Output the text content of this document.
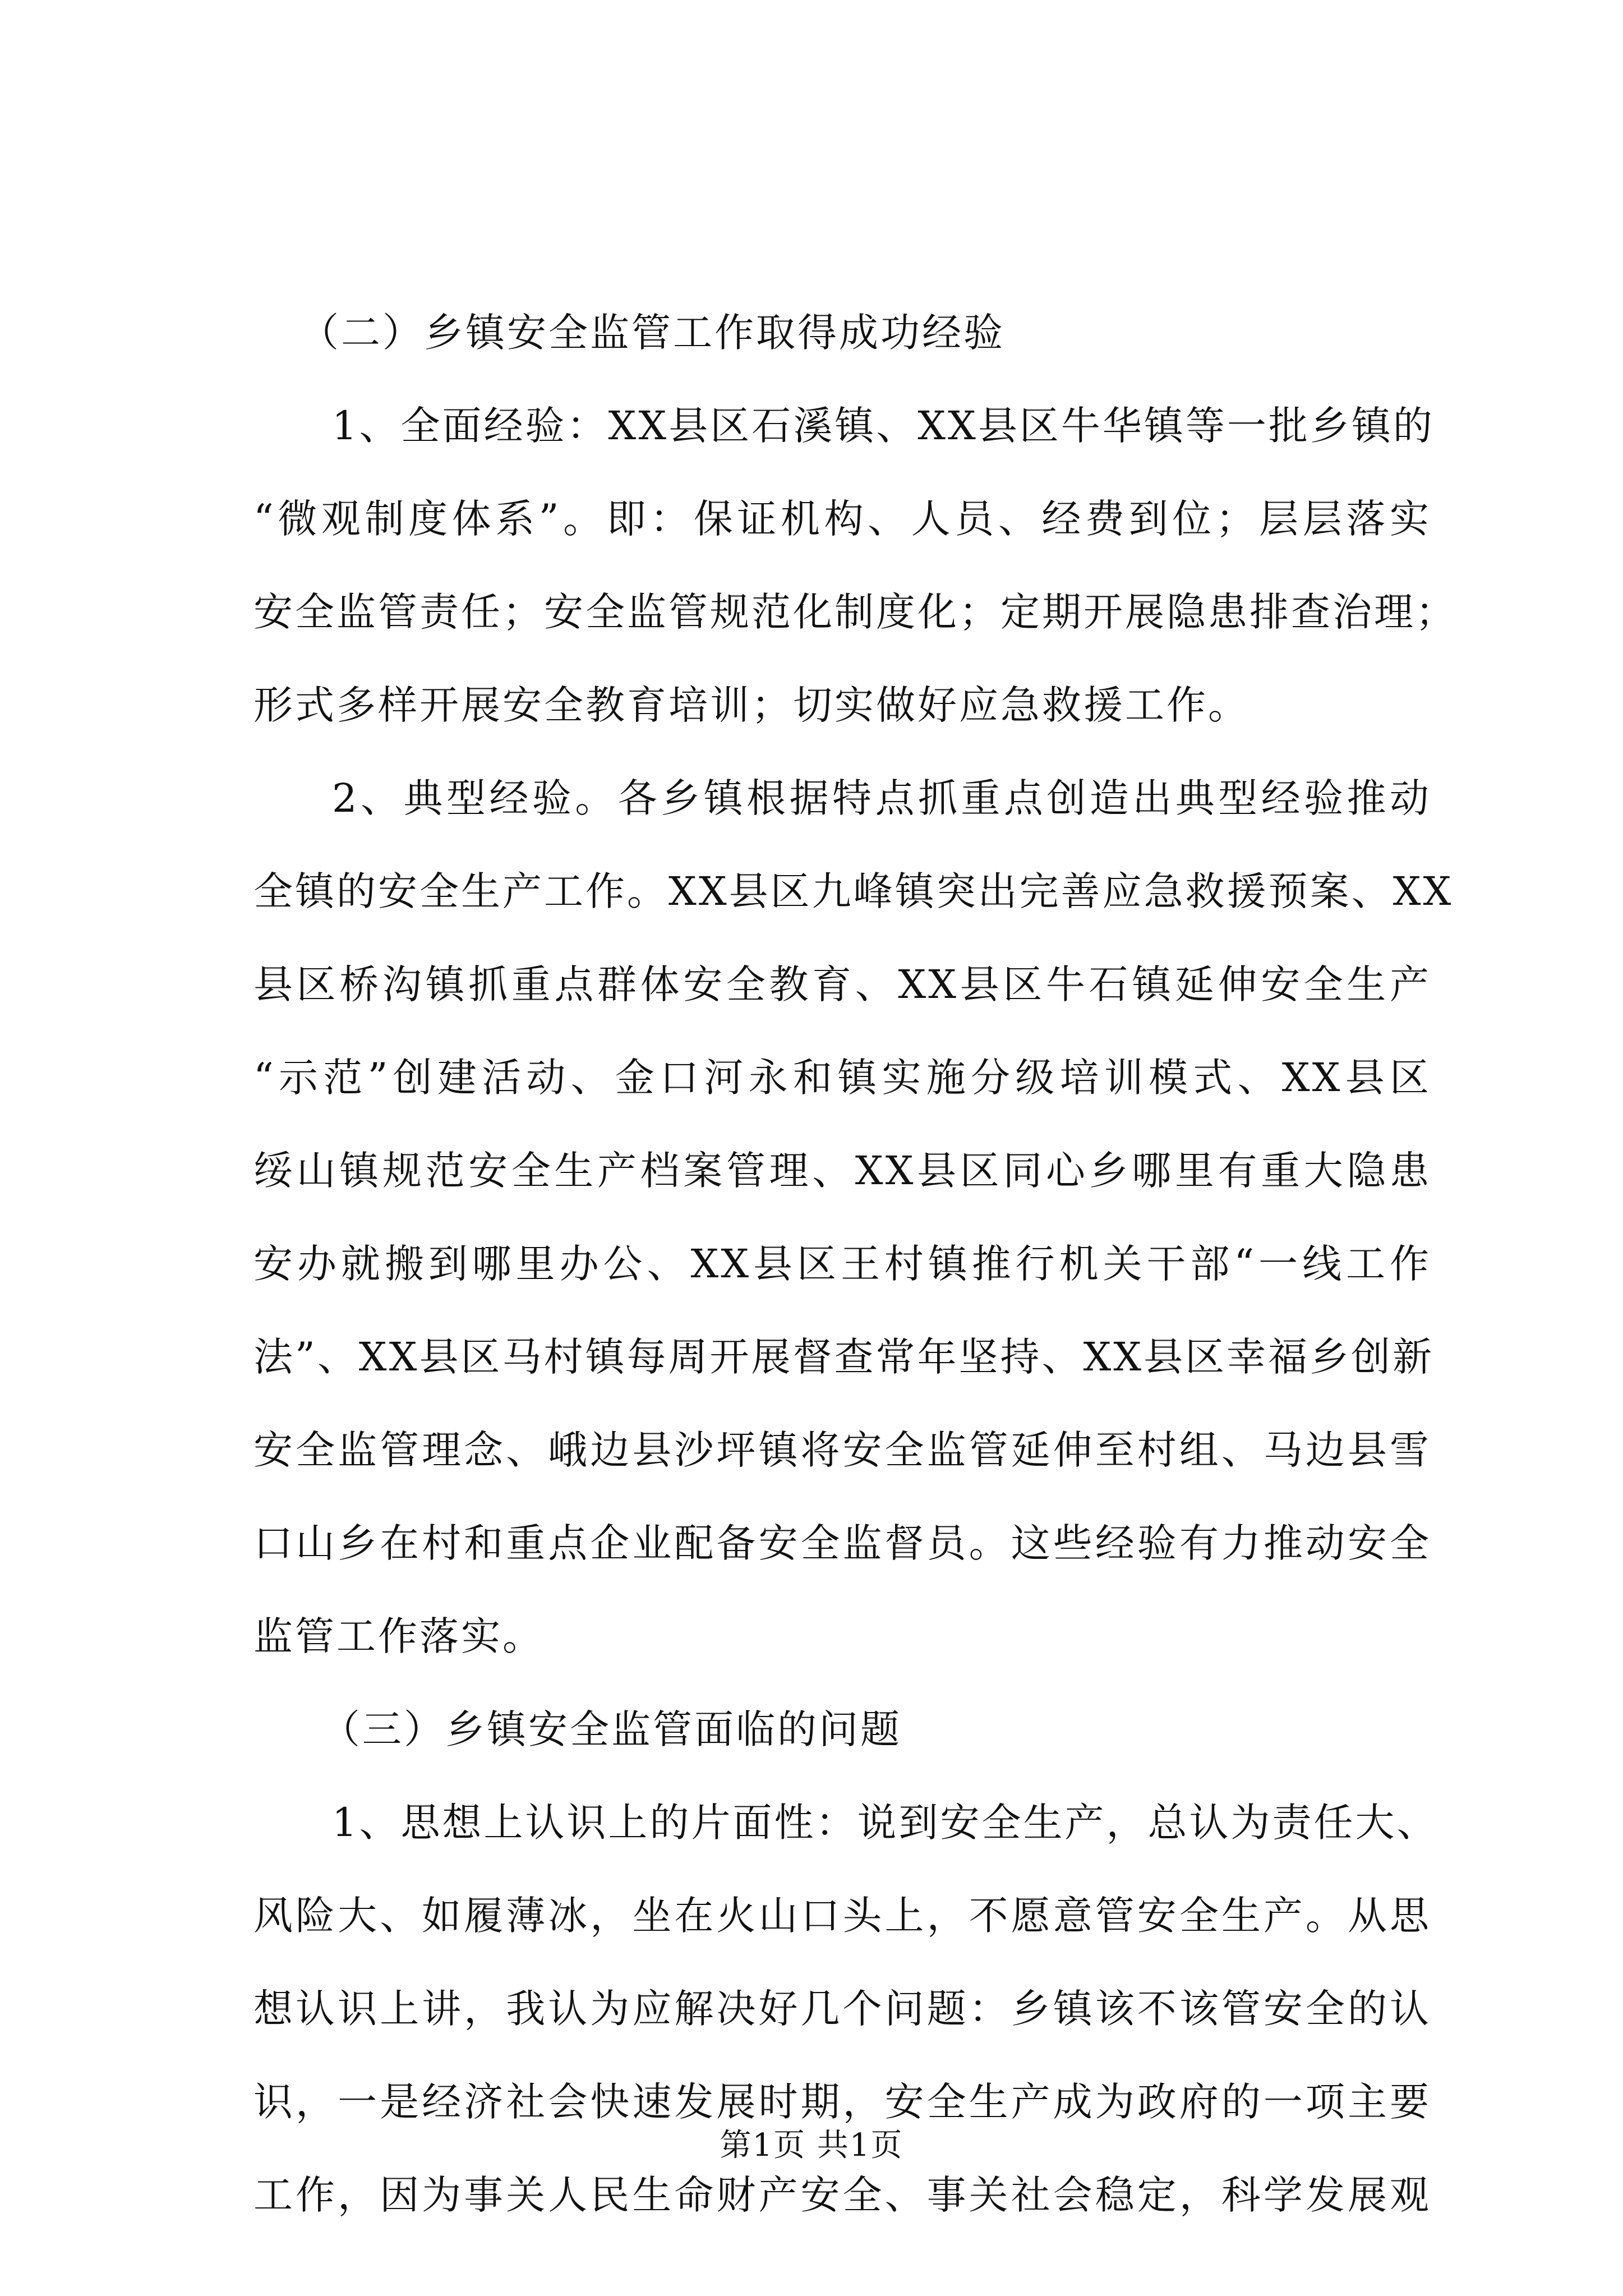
（二）乡镇安全监管工作取得成功经验
1、全面经验：XX县区石溪镇、XX县区牛华镇等一批乡镇的
“微观制度体系”。即：保证机构、人员、经费到位；层层落实
安全监管责任；安全监管规范化制度化；定期开展隐患排查治理；
形式多样开展安全教育培训；切实做好应急救援工作。
2、典型经验。各乡镇根据特点抓重点创造出典型经验推动
全镇的安全生产工作。XX县区九峰镇突出完善应急救援预案、XX
县区桥沟镇抓重点群体安全教育、XX县区牛石镇延伸安全生产
“示范”创建活动、金口河永和镇实施分级培训模式、XX县区
绥山镇规范安全生产档案管理、XX县区同心乡哪里有重大隐患
安办就搬到哪里办公、XX县区王村镇推行机关干部“一线工作
法”、XX县区马村镇每周开展督查常年坚持、XX县区幸福乡创新
安全监管理念、峨边县沙坪镇将安全监管延伸至村组、马边县雪
口山乡在村和重点企业配备安全监督员。这些经验有力推动安全
监管工作落实。
（三）乡镇安全监管面临的问题
1、思想上认识上的片面性：说到安全生产，总认为责任大、
风险大、如履薄冰，坐在火山口头上，不愿意管安全生产。从思
想认识上讲，我认为应解决好几个问题：乡镇该不该管安全的认
识，一是经济社会快速发展时期，安全生产成为政府的一项主要
工作，因为事关人民生命财产安全、事关社会稳定，科学发展观
第1页 共1页
